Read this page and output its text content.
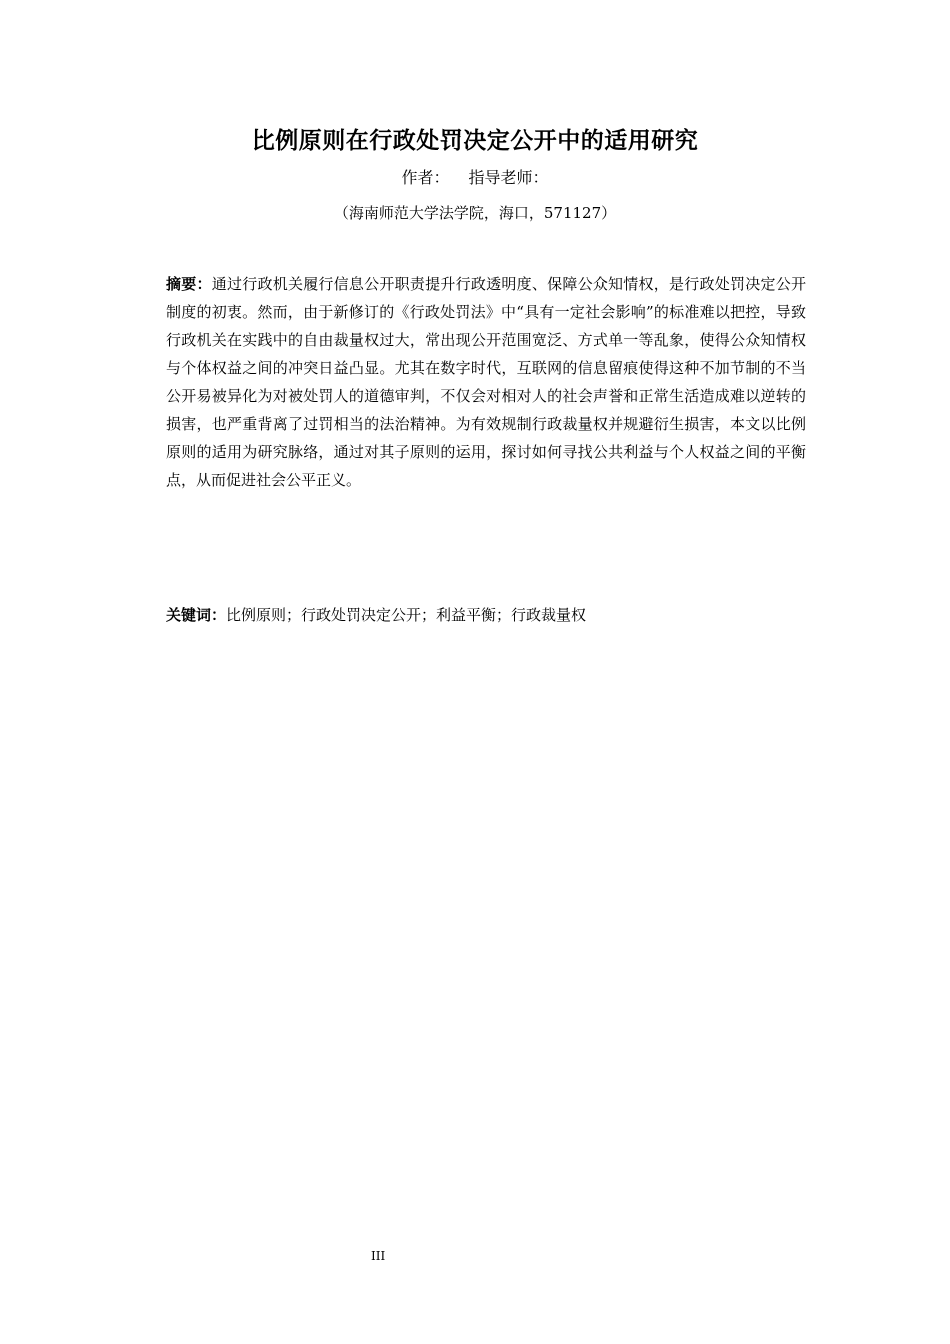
比例原则在行政处罚决定公开中的适用研究
作者： 指导老师：
（海南师范大学法学院，海口，571127）

摘要：通过行政机关履行信息公开职责提升行政透明度、保障公众知情权，是行政处罚决定公开制度的初衷。然而，由于新修订的《行政处罚法》中“具有一定社会影响”的标准难以把控，导致行政机关在实践中的自由裁量权过大，常出现公开范围宽泛、方式单一等乱象，使得公众知情权与个体权益之间的冲突日益凸显。尤其在数字时代，互联网的信息留痕使得这种不加节制的不当公开易被异化为对被处罚人的道德审判，不仅会对相对人的社会声誉和正常生活造成难以逆转的损害，也严重背离了过罚相当的法治精神。为有效规制行政裁量权并规避衍生损害，本文以比例原则的适用为研究脉络，通过对其子原则的运用，探讨如何寻找公共利益与个人权益之间的平衡点，从而促进社会公平正义。

关键词：比例原则；行政处罚决定公开；利益平衡；行政裁量权
III
